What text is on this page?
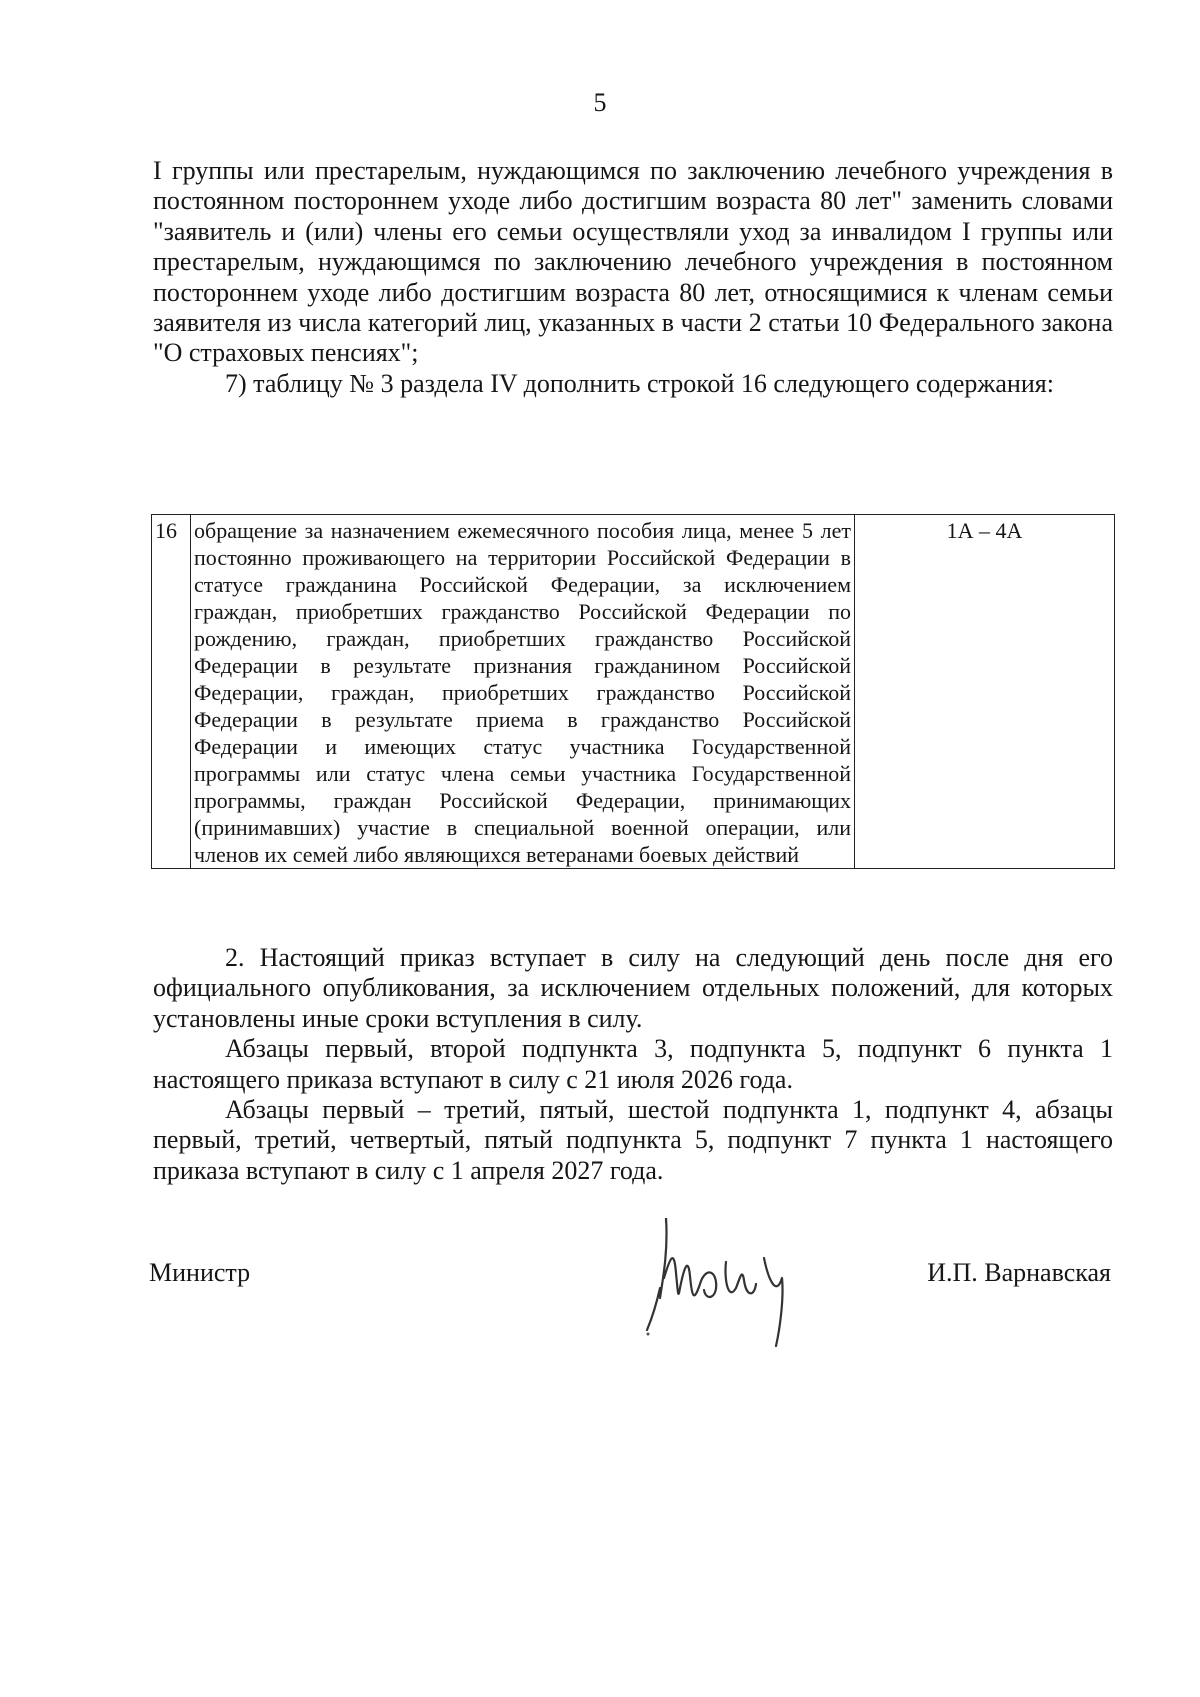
5

I группы или престарелым, нуждающимся по заключению лечебного учреждения в постоянном постороннем уходе либо достигшим возраста 80 лет" заменить словами "заявитель и (или) члены его семьи осуществляли уход за инвалидом I группы или престарелым, нуждающимся по заключению лечебного учреждения в постоянном постороннем уходе либо достигшим возраста 80 лет, относящимися к членам семьи заявителя из числа категорий лиц, указанных в части 2 статьи 10 Федерального закона "О страховых пенсиях";

7) таблицу № 3 раздела IV дополнить строкой 16 следующего содержания:

16	обращение за назначением ежемесячного пособия лица, менее 5 лет постоянно проживающего на территории Российской Федерации в статусе гражданина Российской Федерации, за исключением граждан, приобретших гражданство Российской Федерации по рождению, граждан, приобретших гражданство Российской Федерации в результате признания гражданином Российской Федерации, граждан, приобретших гражданство Российской Федерации в результате приема в гражданство Российской Федерации и имеющих статус участника Государственной программы или статус члена семьи участника Государственной программы, граждан Российской Федерации, принимающих (принимавших) участие в специальной военной операции, или членов их семей либо являющихся ветеранами боевых действий	1А – 4А

2. Настоящий приказ вступает в силу на следующий день после дня его официального опубликования, за исключением отдельных положений, для которых установлены иные сроки вступления в силу.

Абзацы первый, второй подпункта 3, подпункта 5, подпункт 6 пункта 1 настоящего приказа вступают в силу с 21 июля 2026 года.

Абзацы первый – третий, пятый, шестой подпункта 1, подпункт 4, абзацы первый, третий, четвертый, пятый подпункта 5, подпункт 7 пункта 1 настоящего приказа вступают в силу с 1 апреля 2027 года.

Министр	И.П. Варнавская
